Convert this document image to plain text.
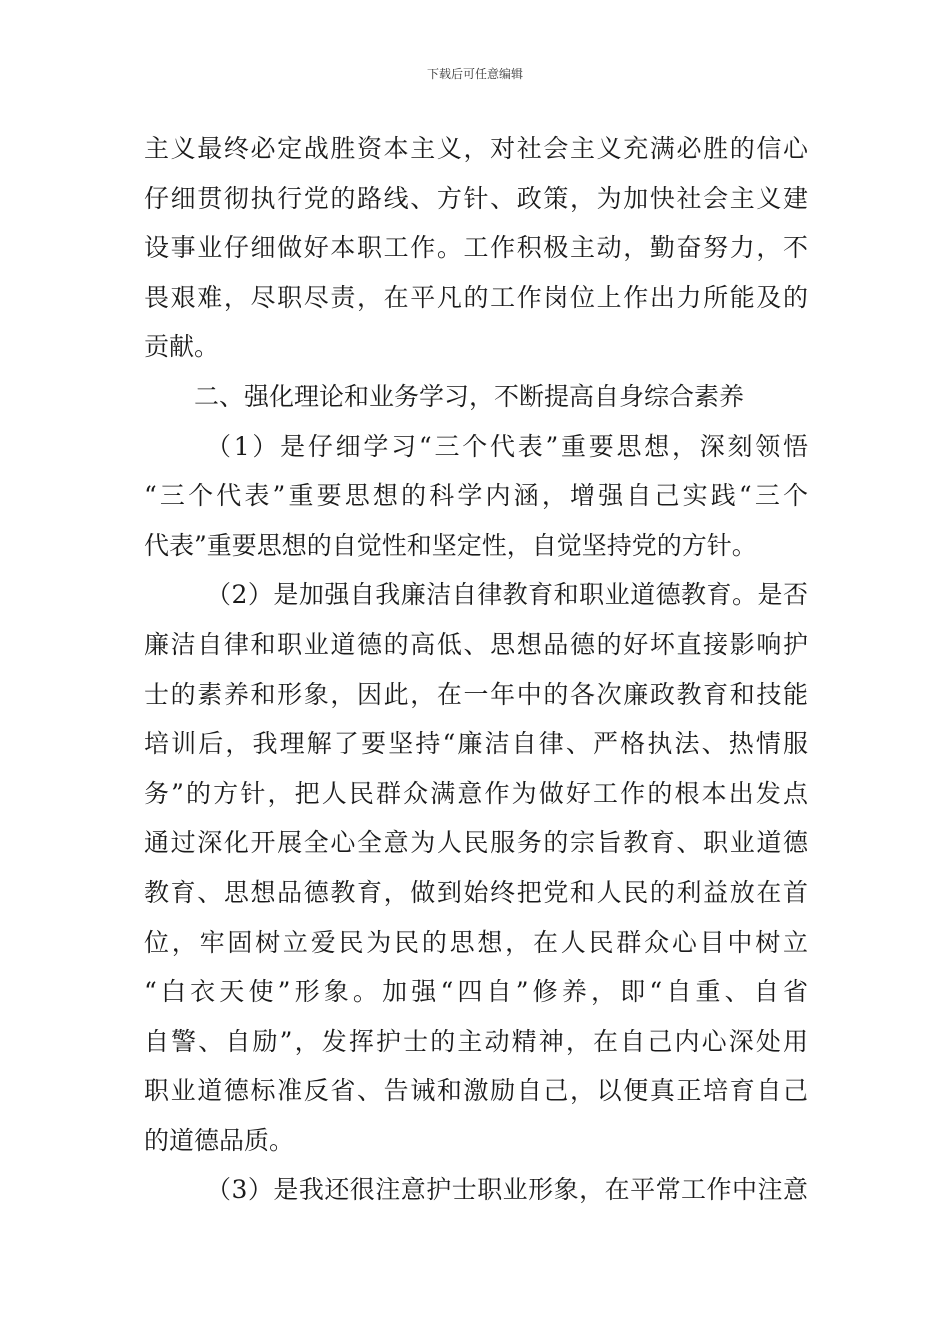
下载后可任意编辑
主义最终必定战胜资本主义，对社会主义充满必胜的信心
仔细贯彻执行党的路线、方针、政策，为加快社会主义建
设事业仔细做好本职工作。工作积极主动，勤奋努力，不
畏艰难，尽职尽责，在平凡的工作岗位上作出力所能及的
贡献。
二、强化理论和业务学习，不断提高自身综合素养
（1）是仔细学习“三个代表”重要思想，深刻领悟
“三个代表”重要思想的科学内涵，增强自己实践“三个
代表”重要思想的自觉性和坚定性，自觉坚持党的方针。
（2）是加强自我廉洁自律教育和职业道德教育。是否
廉洁自律和职业道德的高低、思想品德的好坏直接影响护
士的素养和形象，因此，在一年中的各次廉政教育和技能
培训后，我理解了要坚持“廉洁自律、严格执法、热情服
务”的方针，把人民群众满意作为做好工作的根本出发点
通过深化开展全心全意为人民服务的宗旨教育、职业道德
教育、思想品德教育，做到始终把党和人民的利益放在首
位，牢固树立爱民为民的思想，在人民群众心目中树立
“白衣天使”形象。加强“四自”修养，即“自重、自省
自警、自励”，发挥护士的主动精神，在自己内心深处用
职业道德标准反省、告诫和激励自己，以便真正培育自己
的道德品质。
（3）是我还很注意护士职业形象，在平常工作中注意
